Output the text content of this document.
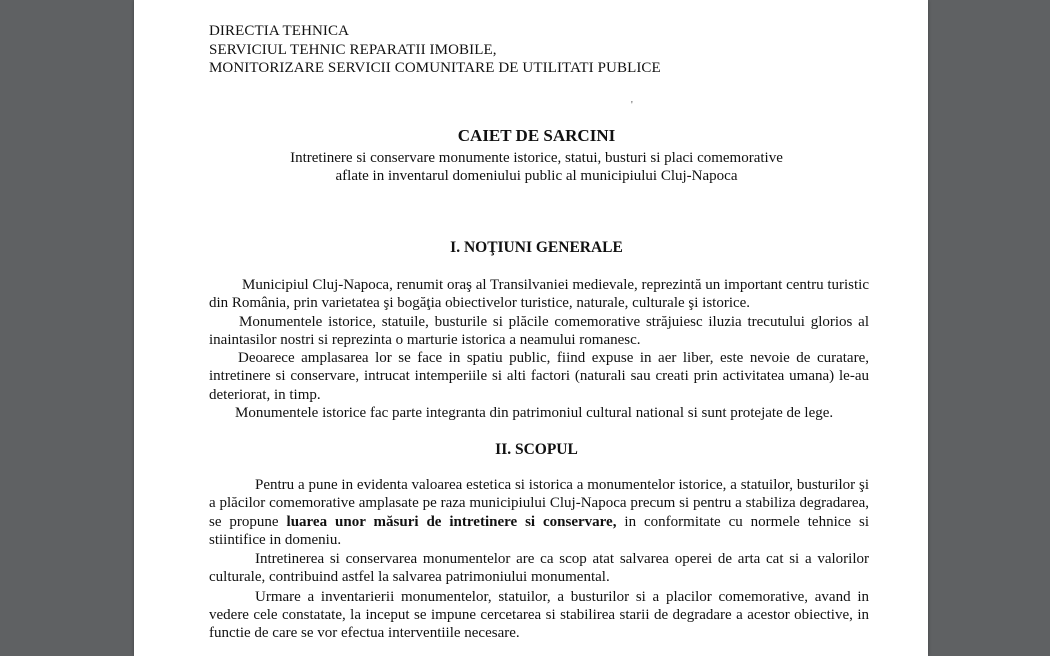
DIRECTIA TEHNICA
SERVICIUL TEHNIC REPARATII IMOBILE,
MONITORIZARE SERVICII COMUNITARE DE UTILITATI PUBLICE
'
CAIET DE SARCINI
Intretinere si conservare monumente istorice, statui, busturi si placi comemorative
aflate in inventarul domeniului public al municipiului Cluj-Napoca
I. NOŢIUNI GENERALE

Municipiul Cluj-Napoca, renumit oraş al Transilvaniei medievale, reprezintă un important centru turistic din România, prin varietatea şi bogăţia obiectivelor turistice, naturale, culturale şi istorice.

Monumentele istorice, statuile, busturile si plăcile comemorative străjuiesc iluzia trecutului glorios al inaintasilor nostri si reprezinta o marturie istorica a neamului romanesc.

Deoarece amplasarea lor se face in spatiu public, fiind expuse in aer liber, este nevoie de curatare, intretinere si conservare, intrucat intemperiile si alti factori (naturali sau creati prin activitatea umana) le-au deteriorat, in timp.

Monumentele istorice fac parte integranta din patrimoniul cultural national si sunt protejate de lege.

II. SCOPUL

Pentru a pune in evidenta valoarea estetica si istorica a monumentelor istorice, a statuilor, busturilor şi a plăcilor comemorative amplasate pe raza municipiului Cluj-Napoca precum si pentru a stabiliza degradarea, se propune luarea unor măsuri de intretinere si conservare, in conformitate cu normele tehnice si stiintifice in domeniu.

Intretinerea si conservarea monumentelor are ca scop atat salvarea operei de arta cat si a valorilor culturale, contribuind astfel la salvarea patrimoniului monumental.

Urmare a inventarierii monumentelor, statuilor, a busturilor si a placilor comemorative, avand in vedere cele constatate, la inceput se impune cercetarea si stabilirea starii de degradare a acestor obiective, in functie de care se vor efectua interventiile necesare.
